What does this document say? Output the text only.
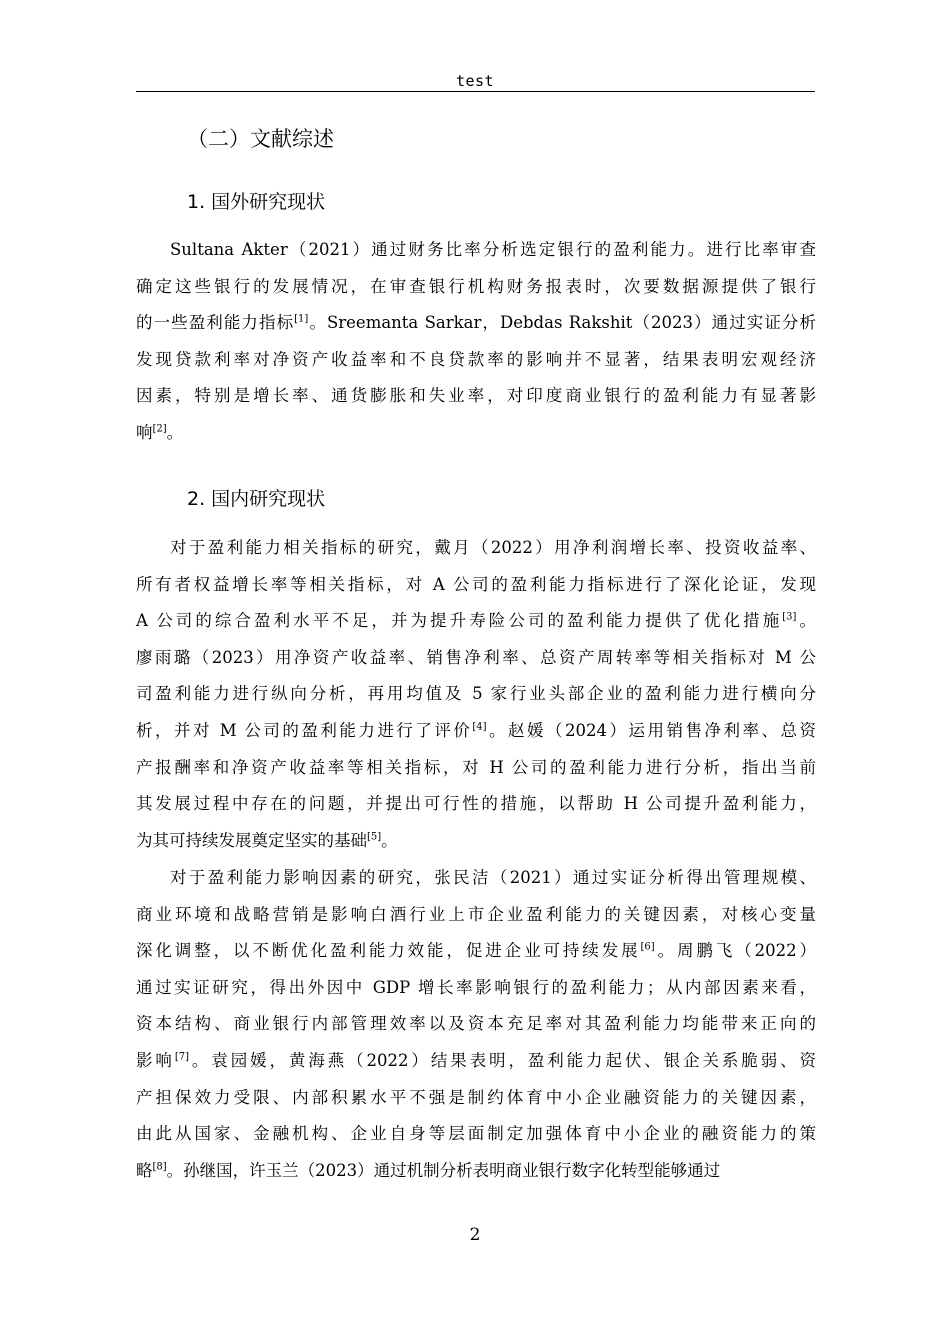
test
（二）文献综述
1. 国外研究现状
Sultana Akter（2021）通过财务比率分析选定银行的盈利能力。进行比率审查
确定这些银行的发展情况，在审查银行机构财务报表时，次要数据源提供了银行
的一些盈利能力指标[1]。Sreemanta Sarkar，Debdas Rakshit（2023）通过实证分析
发现贷款利率对净资产收益率和不良贷款率的影响并不显著，结果表明宏观经济
因素，特别是增长率、通货膨胀和失业率，对印度商业银行的盈利能力有显著影
响[2]。
2. 国内研究现状
对于盈利能力相关指标的研究，戴月（2022）用净利润增长率、投资收益率、
所有者权益增长率等相关指标，对 A 公司的盈利能力指标进行了深化论证，发现
A 公司的综合盈利水平不足，并为提升寿险公司的盈利能力提供了优化措施[3]。
廖雨璐（2023）用净资产收益率、销售净利率、总资产周转率等相关指标对 M 公
司盈利能力进行纵向分析，再用均值及 5 家行业头部企业的盈利能力进行横向分
析，并对 M 公司的盈利能力进行了评价[4]。赵媛（2024）运用销售净利率、总资
产报酬率和净资产收益率等相关指标，对 H 公司的盈利能力进行分析，指出当前
其发展过程中存在的问题，并提出可行性的措施，以帮助 H 公司提升盈利能力，
为其可持续发展奠定坚实的基础[5]。
对于盈利能力影响因素的研究，张民洁（2021）通过实证分析得出管理规模、
商业环境和战略营销是影响白酒行业上市企业盈利能力的关键因素，对核心变量
深化调整，以不断优化盈利能力效能，促进企业可持续发展[6]。周鹏飞（2022）
通过实证研究，得出外因中 GDP 增长率影响银行的盈利能力；从内部因素来看，
资本结构、商业银行内部管理效率以及资本充足率对其盈利能力均能带来正向的
影响[7]。袁园媛，黄海燕（2022）结果表明，盈利能力起伏、银企关系脆弱、资
产担保效力受限、内部积累水平不强是制约体育中小企业融资能力的关键因素，
由此从国家、金融机构、企业自身等层面制定加强体育中小企业的融资能力的策
略[8]。孙继国，许玉兰（2023）通过机制分析表明商业银行数字化转型能够通过
2
